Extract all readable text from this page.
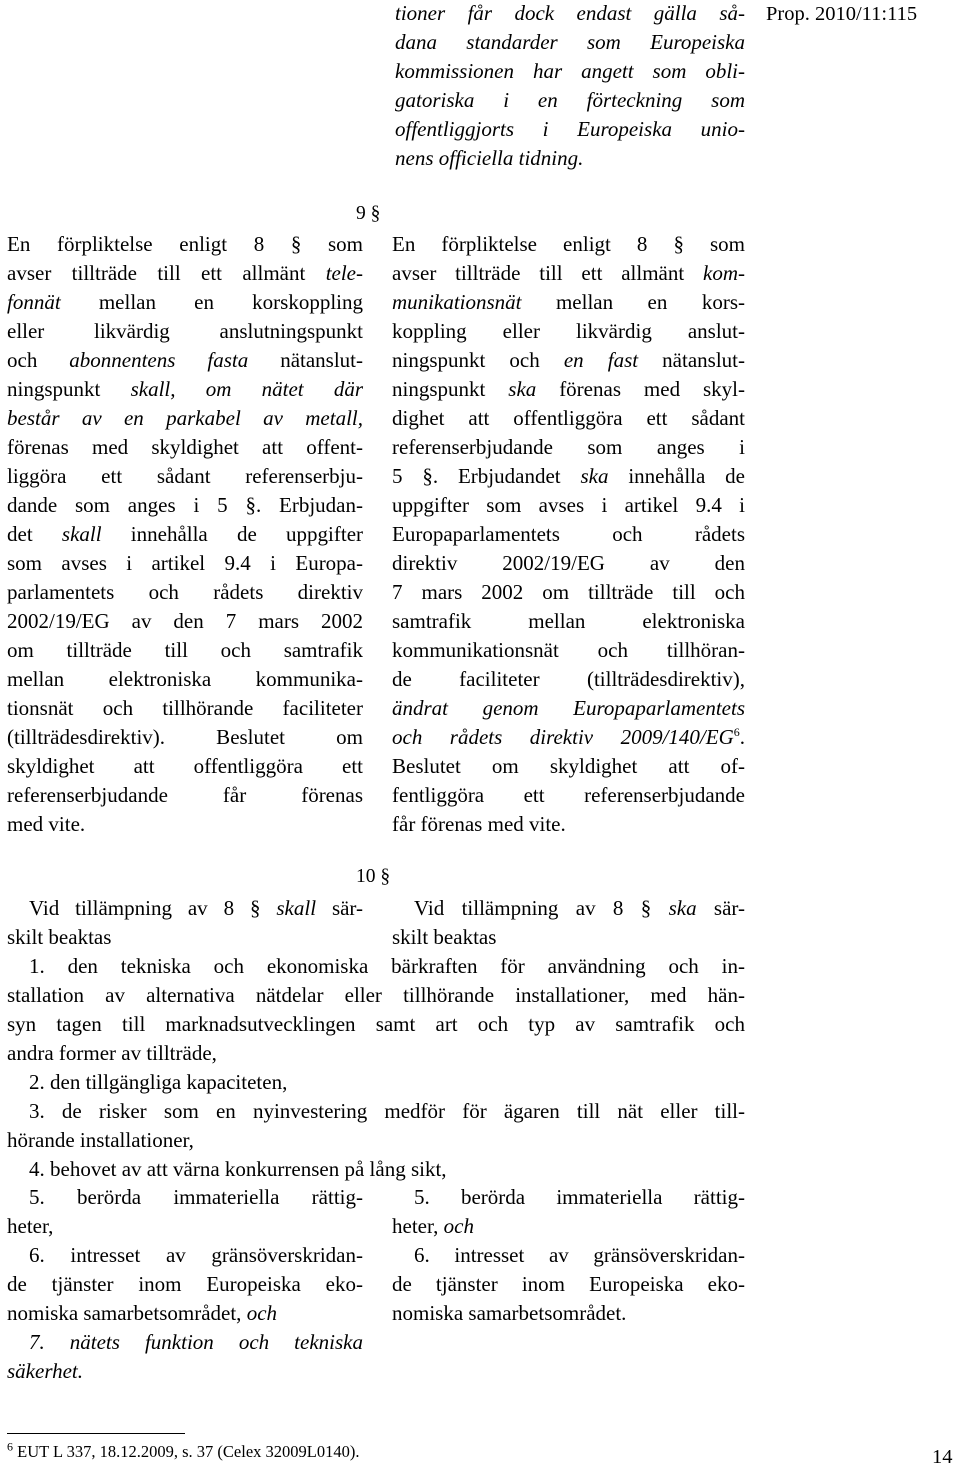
Prop. 2010/11:115
tioner får dock endast gälla så-
dana standarder som Europeiska
kommissionen har angett som obli-
gatoriska i en förteckning som
offentliggjorts i Europeiska unio-
nens officiella tidning.
9 §
En förpliktelse enligt 8 § som
avser tillträde till ett allmänt tele-
fonnät mellan en korskoppling
eller likvärdig anslutningspunkt
och abonnentens fasta nätanslut-
ningspunkt skall, om nätet där
består av en parkabel av metall,
förenas med skyldighet att offent-
liggöra ett sådant referenserbju-
dande som anges i 5 §. Erbjudan-
det skall innehålla de uppgifter
som avses i artikel 9.4 i Europa-
parlamentets och rådets direktiv
2002/19/EG av den 7 mars 2002
om tillträde till och samtrafik
mellan elektroniska kommunika-
tionsnät och tillhörande faciliteter
(tillträdesdirektiv). Beslutet om
skyldighet att offentliggöra ett
referenserbjudande får förenas
med vite.
En förpliktelse enligt 8 § som
avser tillträde till ett allmänt kom-
munikationsnät mellan en kors-
koppling eller likvärdig anslut-
ningspunkt och en fast nätanslut-
ningspunkt ska förenas med skyl-
dighet att offentliggöra ett sådant
referenserbjudande som anges i
5 §. Erbjudandet ska innehålla de
uppgifter som avses i artikel 9.4 i
Europaparlamentets och rådets
direktiv 2002/19/EG av den
7 mars 2002 om tillträde till och
samtrafik mellan elektroniska
kommunikationsnät och tillhöran-
de faciliteter (tillträdesdirektiv),
ändrat genom Europaparlamentets
och rådets direktiv $2009/140/EG^6$.
Beslutet om skyldighet att of-
fentliggöra ett referenserbjudande
får förenas med vite.
10 §
Vid tillämpning av 8 § skall sär-
skilt beaktas
Vid tillämpning av 8 § ska sär-
skilt beaktas
1. den tekniska och ekonomiska bärkraften för användning och in-
stallation av alternativa nätdelar eller tillhörande installationer, med hän-
syn tagen till marknadsutvecklingen samt art och typ av samtrafik och
andra former av tillträde,
2. den tillgängliga kapaciteten,
3. de risker som en nyinvestering medför för ägaren till nät eller till-
hörande installationer,
4. behovet av att värna konkurrensen på lång sikt,
5. berörda immateriella rättig-
heter,
6. intresset av gränsöverskridan-
de tjänster inom Europeiska eko-
nomiska samarbetsområdet, och
7. nätets funktion och tekniska
säkerhet.
5. berörda immateriella rättig-
heter, och
6. intresset av gränsöverskridan-
de tjänster inom Europeiska eko-
nomiska samarbetsområdet.
$^6$ EUT L 337, 18.12.2009, s. 37 (Celex 32009L0140).	14
